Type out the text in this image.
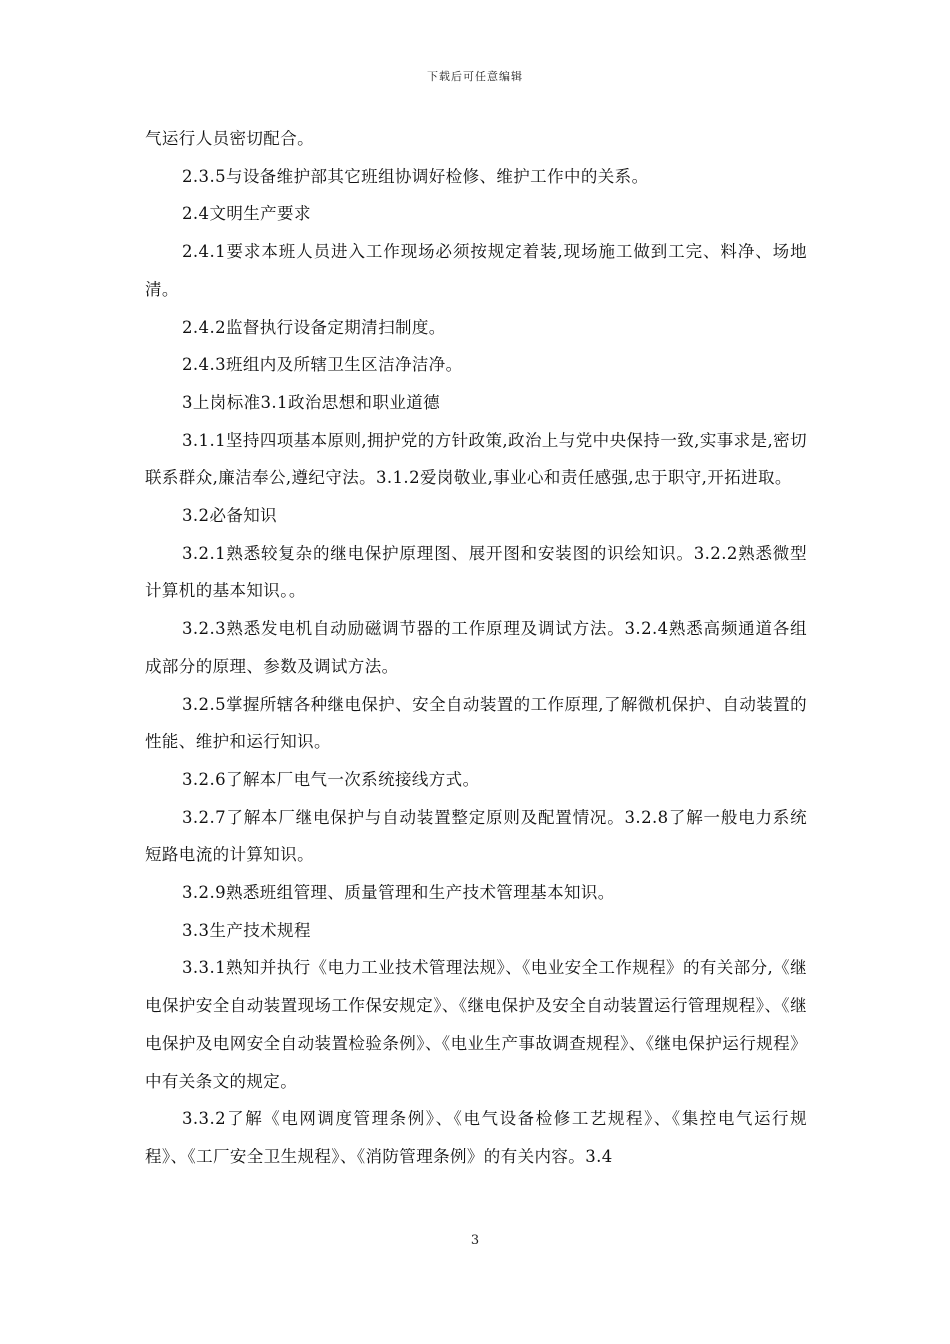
下载后可任意编辑

气运行人员密切配合。

2.3.5与设备维护部其它班组协调好检修、维护工作中的关系。

2.4文明生产要求

2.4.1要求本班人员进入工作现场必须按规定着装,现场施工做到工完、料净、场地清。

2.4.2监督执行设备定期清扫制度。

2.4.3班组内及所辖卫生区洁净洁净。

3上岗标准3.1政治思想和职业道德

3.1.1坚持四项基本原则,拥护党的方针政策,政治上与党中央保持一致,实事求是,密切联系群众,廉洁奉公,遵纪守法。3.1.2爱岗敬业,事业心和责任感强,忠于职守,开拓进取。

3.2必备知识

3.2.1熟悉较复杂的继电保护原理图、展开图和安装图的识绘知识。3.2.2熟悉微型计算机的基本知识。。

3.2.3熟悉发电机自动励磁调节器的工作原理及调试方法。3.2.4熟悉高频通道各组成部分的原理、参数及调试方法。

3.2.5掌握所辖各种继电保护、安全自动装置的工作原理,了解微机保护、自动装置的性能、维护和运行知识。

3.2.6了解本厂电气一次系统接线方式。

3.2.7了解本厂继电保护与自动装置整定原则及配置情况。3.2.8了解一般电力系统短路电流的计算知识。

3.2.9熟悉班组管理、质量管理和生产技术管理基本知识。

3.3生产技术规程

3.3.1熟知并执行《电力工业技术管理法规》、《电业安全工作规程》的有关部分,《继电保护安全自动装置现场工作保安规定》、《继电保护及安全自动装置运行管理规程》、《继电保护及电网安全自动装置检验条例》、《电业生产事故调查规程》、《继电保护运行规程》中有关条文的规定。

3.3.2了解《电网调度管理条例》、《电气设备检修工艺规程》、《集控电气运行规程》、《工厂安全卫生规程》、《消防管理条例》的有关内容。3.4

3
